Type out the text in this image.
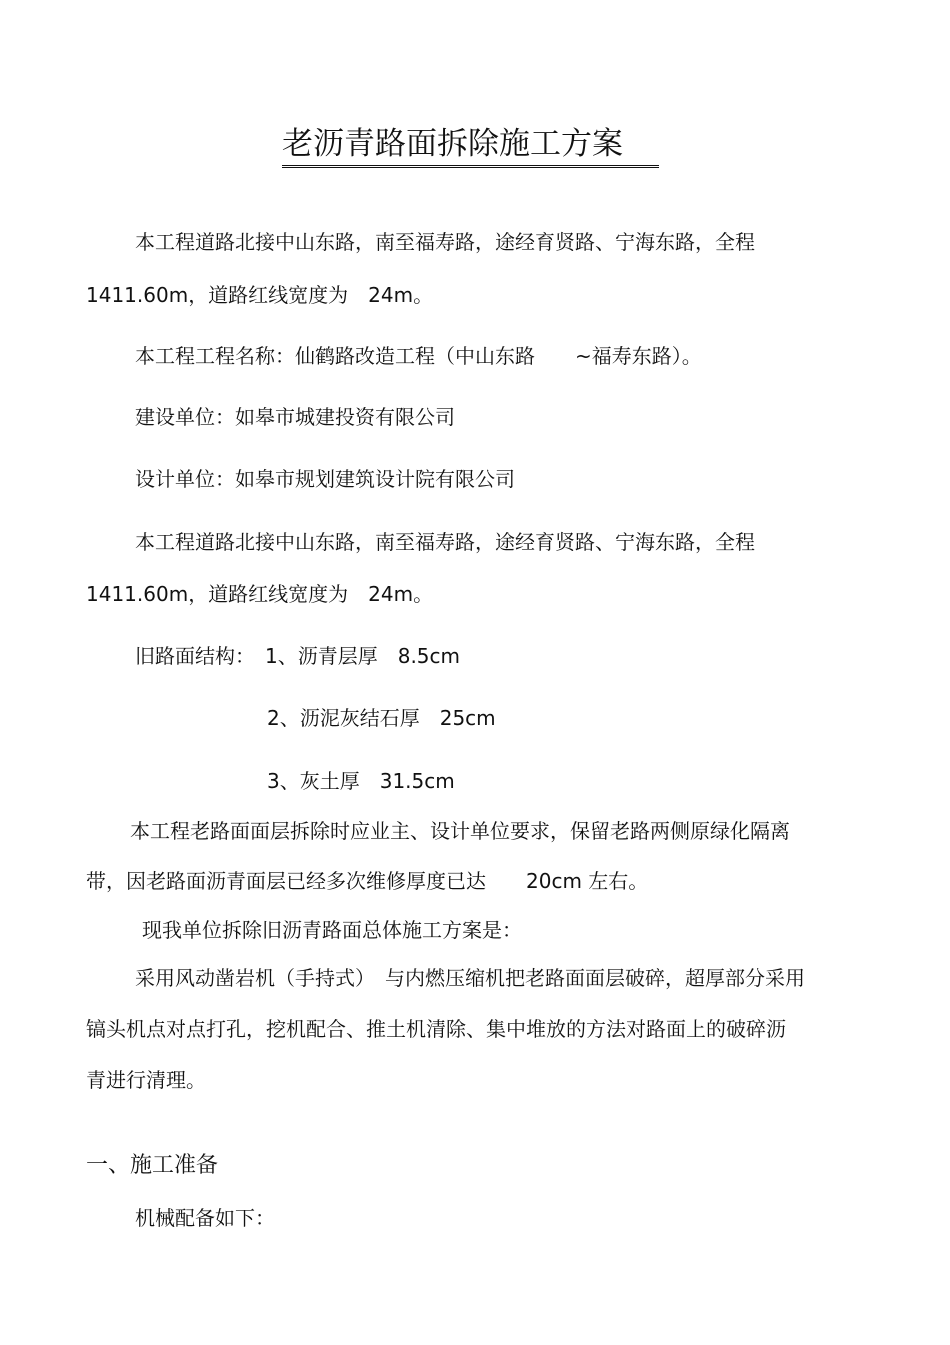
老沥青路面拆除施工方案
本工程道路北接中山东路，南至福寿路，途经育贤路、宁海东路，全程
1411.60m，道路红线宽度为　24m。
本工程工程名称：仙鹤路改造工程（中山东路　　~福寿东路）。
建设单位：如皋市城建投资有限公司
设计单位：如皋市规划建筑设计院有限公司
本工程道路北接中山东路，南至福寿路，途经育贤路、宁海东路，全程
1411.60m，道路红线宽度为　24m。
旧路面结构：　1、沥青层厚　8.5cm
2、沥泥灰结石厚　25cm
3、灰土厚　31.5cm
本工程老路面面层拆除时应业主、设计单位要求，保留老路两侧原绿化隔离
带，因老路面沥青面层已经多次维修厚度已达　　20cm 左右。
现我单位拆除旧沥青路面总体施工方案是：
采用风动凿岩机（手持式）　与内燃压缩机把老路面面层破碎，超厚部分采用
镐头机点对点打孔，挖机配合、推土机清除、集中堆放的方法对路面上的破碎沥
青进行清理。
一、施工准备
机械配备如下：
